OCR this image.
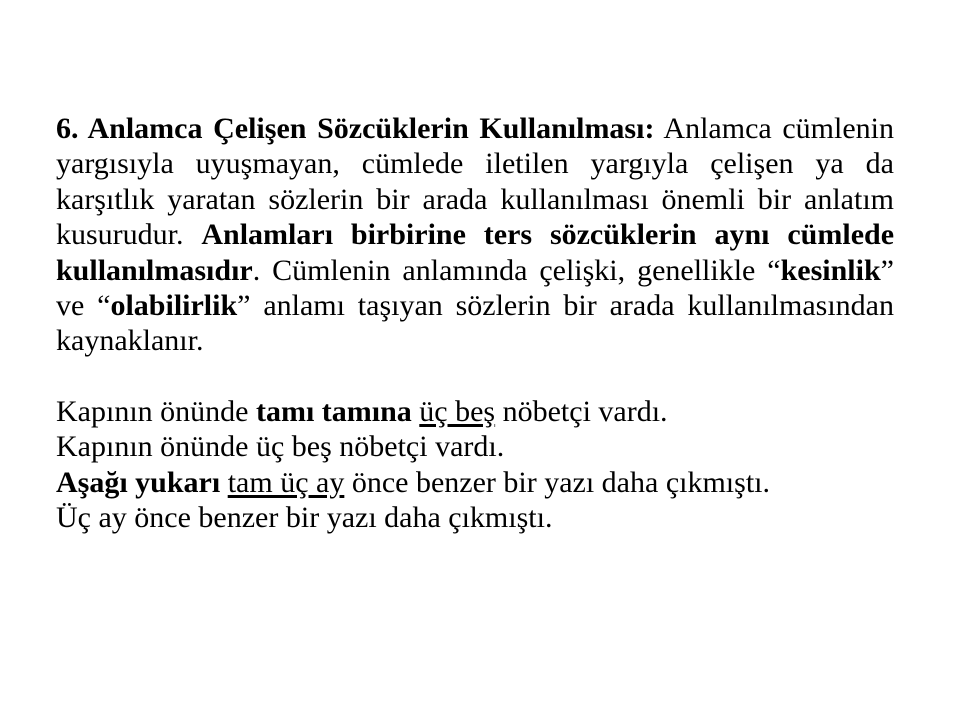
6. Anlamca Çelişen Sözcüklerin Kullanılması: Anlamca cümlenin yargısıyla uyuşmayan, cümlede iletilen yargıyla çelişen ya da karşıtlık yaratan sözlerin bir arada kullanılması önemli bir anlatım kusurudur. Anlamları birbirine ters sözcüklerin aynı cümlede kullanılmasıdır. Cümlenin anlamında çelişki, genellikle “kesinlik” ve “olabilirlik” anlamı taşıyan sözlerin bir arada kullanılmasından kaynaklanır.

Kapının önünde tamı tamına üç beş nöbetçi vardı.

Kapının önünde üç beş nöbetçi vardı.

Aşağı yukarı tam üç ay önce benzer bir yazı daha çıkmıştı.

Üç ay önce benzer bir yazı daha çıkmıştı.
